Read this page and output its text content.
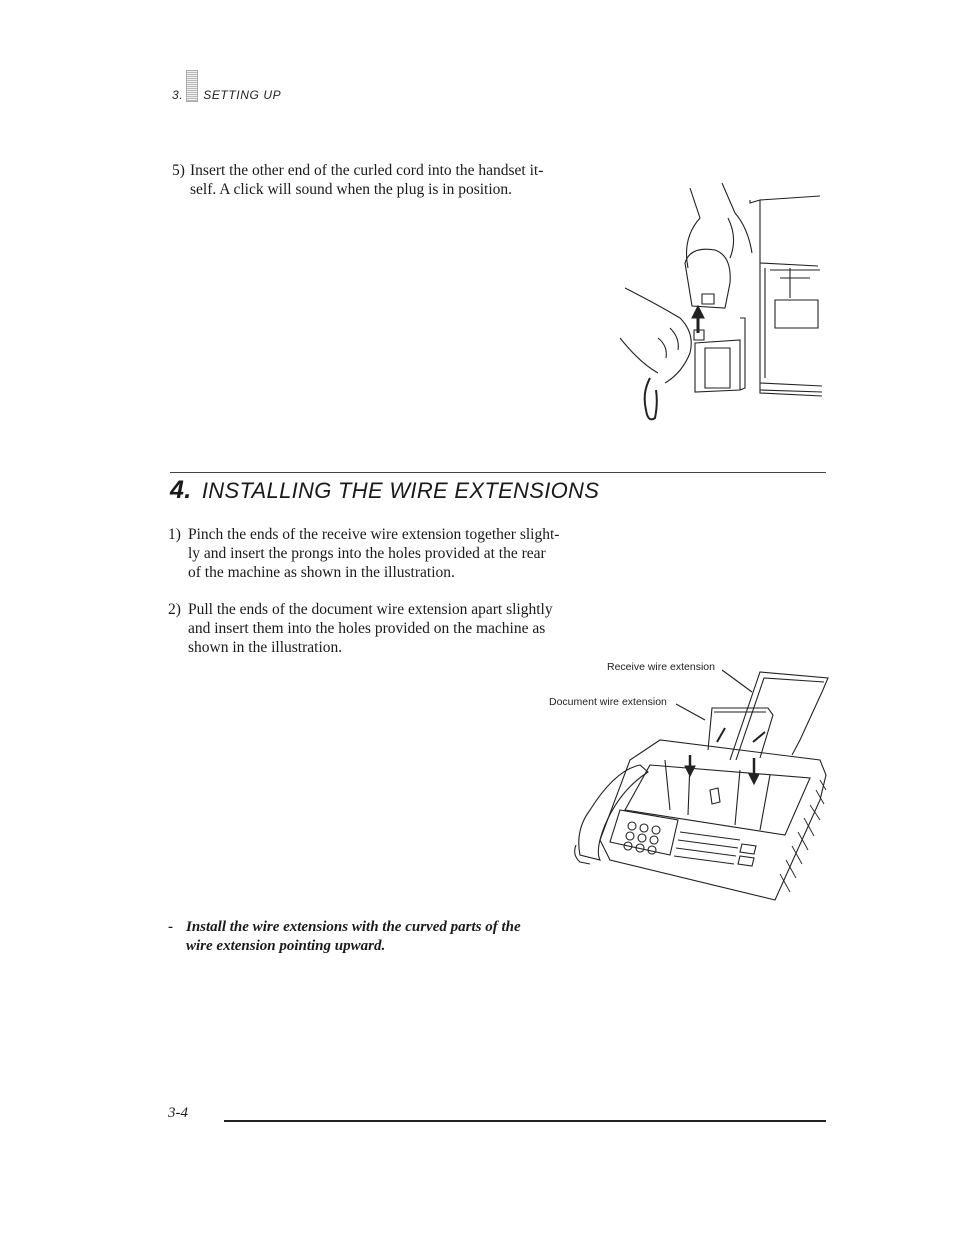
3. SETTING UP
5) Insert the other end of the curled cord into the handset it-
self. A click will sound when the plug is in position.
4. INSTALLING THE WIRE EXTENSIONS
1) Pinch the ends of the receive wire extension together slight-
ly and insert the prongs into the holes provided at the rear
of the machine as shown in the illustration.
2) Pull the ends of the document wire extension apart slightly
and insert them into the holes provided on the machine as
shown in the illustration.
Receive wire extension
Document wire extension
- Install the wire extensions with the curved parts of the
wire extension pointing upward.
3-4
